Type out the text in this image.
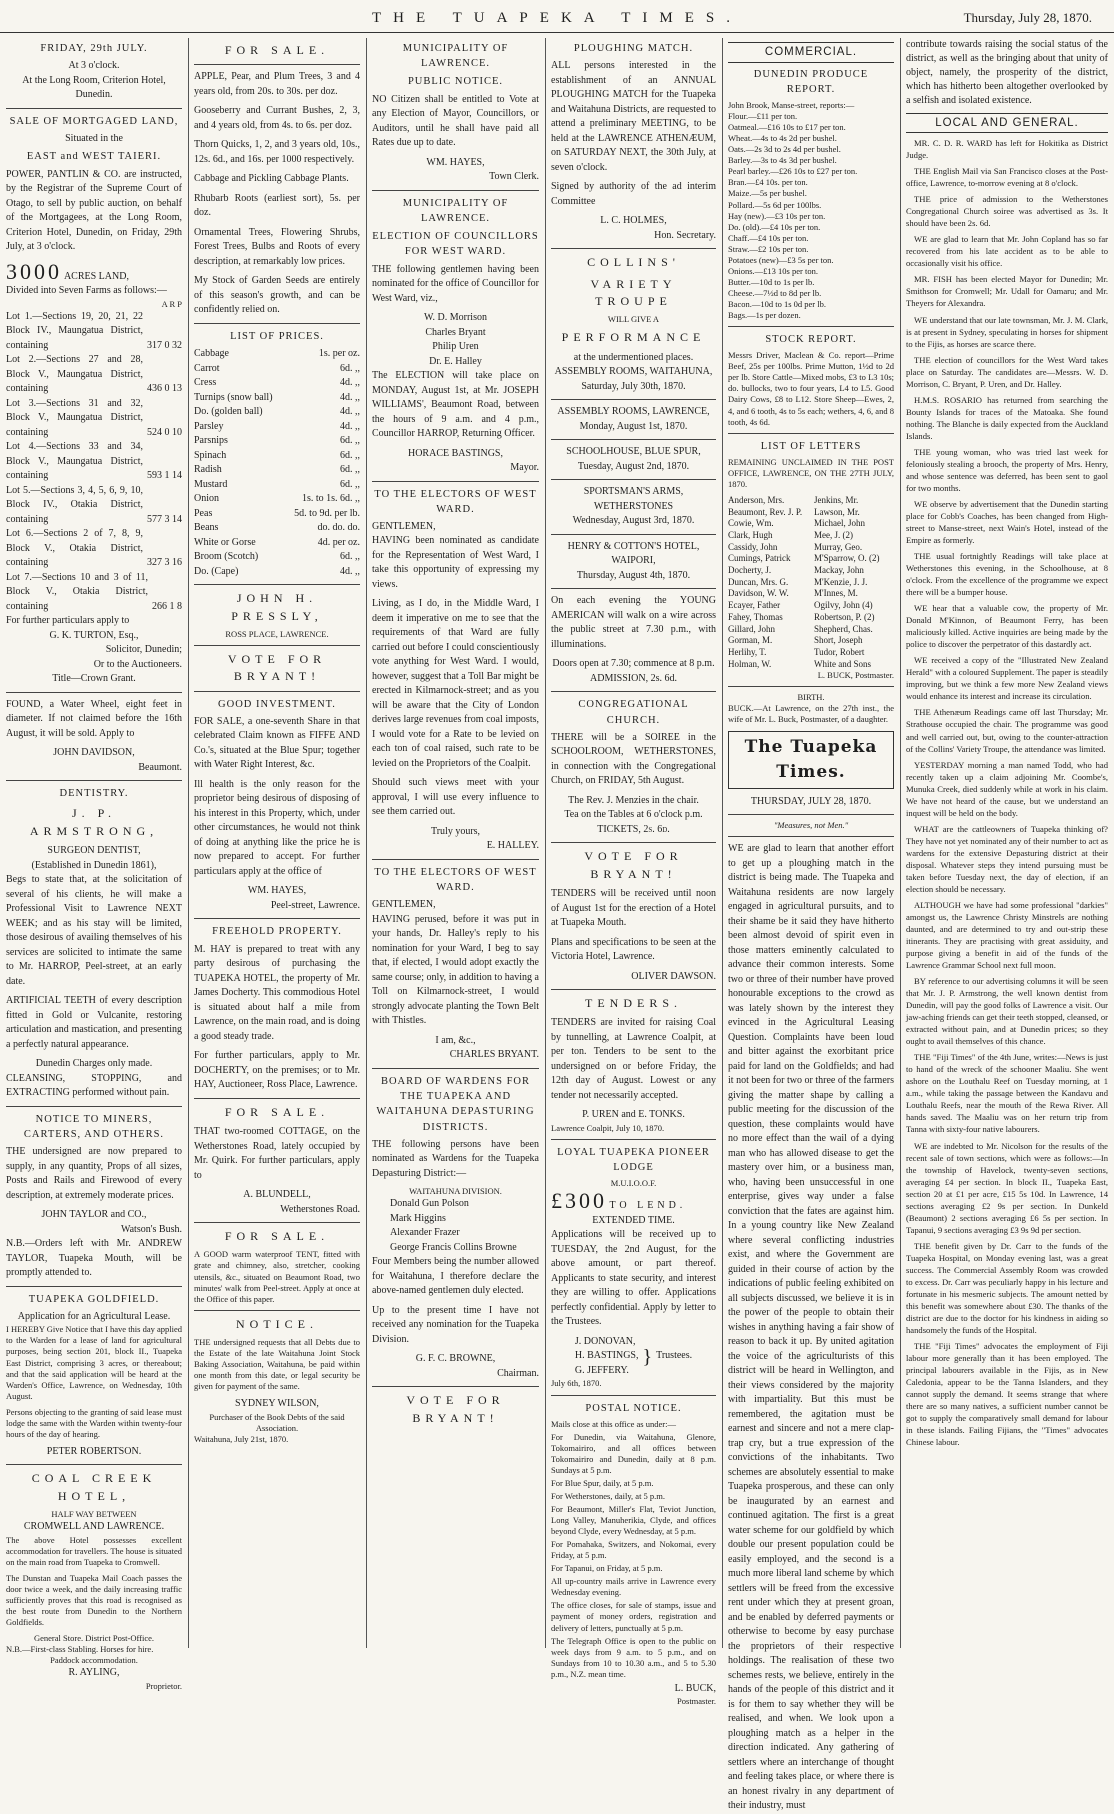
THE TUAPEKA TIMES.	Thursday, July 28, 1870.
FRIDAY, 29th JULY.
At 3 o'clock.
At the Long Room, Criterion Hotel, Dunedin.
SALE OF MORTGAGED LAND,
Situated in the
EAST and WEST TAIERI.

POWER, PANTLIN & CO. are instructed, by the Registrar of the Supreme Court of Otago, to sell by public auction, on behalf of the Mortgagees, at the Long Room, Criterion Hotel, Dunedin, on Friday, 29th July, at 3 o'clock.

3000 ACRES LAND,
Divided into Seven Farms as follows:—
A R P
Lot 1.—Sections 19, 20, 21, 22 Block IV., Maungatua District, containing	317 0 32
Lot 2.—Sections 27 and 28, Block V., Maungatua District, containing	436 0 13
Lot 3.—Sections 31 and 32, Block V., Maungatua District, containing	524 0 10
Lot 4.—Sections 33 and 34, Block V., Maungatua District, containing	593 1 14
Lot 5.—Sections 3, 4, 5, 6, 9, 10, Block IV., Otakia District, containing	577 3 14
Lot 6.—Sections 2 of 7, 8, 9, Block V., Otakia District, containing	327 3 16
Lot 7.—Sections 10 and 3 of 11, Block V., Otakia District, containing	266 1 8
For further particulars apply to
G. K. TURTON, Esq.,
Solicitor, Dunedin;
Or to the Auctioneers.
Title—Crown Grant.

FOUND, a Water Wheel, eight feet in diameter. If not claimed before the 16th August, it will be sold. Apply to

JOHN DAVIDSON,
Beaumont.
DENTISTRY.
J. P. ARMSTRONG,
SURGEON DENTIST,
(Established in Dunedin 1861),

Begs to state that, at the solicitation of several of his clients, he will make a Professional Visit to Lawrence NEXT WEEK; and as his stay will be limited, those desirous of availing themselves of his services are solicited to intimate the same to Mr. HARROP, Peel-street, at an early date.

ARTIFICIAL TEETH of every description fitted in Gold or Vulcanite, restoring articulation and mastication, and presenting a perfectly natural appearance.

Dunedin Charges only made.

CLEANSING, STOPPING, and EXTRACTING performed without pain.

NOTICE TO MINERS, CARTERS, AND OTHERS.

THE undersigned are now prepared to supply, in any quantity, Props of all sizes, Posts and Rails and Firewood of every description, at extremely moderate prices.

JOHN TAYLOR and CO.,
Watson's Bush.

N.B.—Orders left with Mr. ANDREW TAYLOR, Tuapeka Mouth, will be promptly attended to.

TUAPEKA GOLDFIELD.
Application for an Agricultural Lease.

I HEREBY Give Notice that I have this day applied to the Warden for a lease of land for agricultural purposes, being section 201, block II., Tuapeka East District, comprising 3 acres, or thereabout; and that the said application will be heard at the Warden's Office, Lawrence, on Wednesday, 10th August.

Persons objecting to the granting of said lease must lodge the same with the Warden within twenty-four hours of the day of hearing.

PETER ROBERTSON.
COAL CREEK HOTEL,
HALF WAY BETWEEN
CROMWELL AND LAWRENCE.

The above Hotel possesses excellent accommodation for travellers. The house is situated on the main road from Tuapeka to Cromwell.

The Dunstan and Tuapeka Mail Coach passes the door twice a week, and the daily increasing traffic sufficiently proves that this road is recognised as the best route from Dunedin to the Northern Goldfields.

General Store. District Post-Office.
N.B.—First-class Stabling. Horses for hire.
Paddock accommodation.
R. AYLING,
Proprietor.
FOR SALE.

APPLE, Pear, and Plum Trees, 3 and 4 years old, from 20s. to 30s. per doz.

Gooseberry and Currant Bushes, 2, 3, and 4 years old, from 4s. to 6s. per doz.

Thorn Quicks, 1, 2, and 3 years old, 10s., 12s. 6d., and 16s. per 1000 respectively.

Cabbage and Pickling Cabbage Plants.

Rhubarb Roots (earliest sort), 5s. per doz.

Ornamental Trees, Flowering Shrubs, Forest Trees, Bulbs and Roots of every description, at remarkably low prices.

My Stock of Garden Seeds are entirely of this season's growth, and can be confidently relied on.

LIST OF PRICES.
Cabbage	1s. per oz.
Carrot	6d. ,,
Cress	4d. ,,
Turnips (snow ball)	4d. ,,
Do. (golden ball)	4d. ,,
Parsley	4d. ,,
Parsnips	6d. ,,
Spinach	6d. ,,
Radish	6d. ,,
Mustard	6d. ,,
Onion	1s. to 1s. 6d. ,,
Peas	5d. to 9d. per lb.
Beans	do. do. do.
White or Gorse	4d. per oz.
Broom (Scotch)	6d. ,,
Do. (Cape)	4d. ,,
JOHN H. PRESSLY,
ROSS PLACE, LAWRENCE.
VOTE FOR BRYANT!
GOOD INVESTMENT.

FOR SALE, a one-seventh Share in that celebrated Claim known as FIFFE AND Co.'s, situated at the Blue Spur; together with Water Right Interest, &c.

Ill health is the only reason for the proprietor being desirous of disposing of his interest in this Property, which, under other circumstances, he would not think of doing at anything like the price he is now prepared to accept. For further particulars apply at the office of

WM. HAYES,
Peel-street, Lawrence.
FREEHOLD PROPERTY.

M. HAY is prepared to treat with any party desirous of purchasing the TUAPEKA HOTEL, the property of Mr. James Docherty. This commodious Hotel is situated about half a mile from Lawrence, on the main road, and is doing a good steady trade.

For further particulars, apply to Mr. DOCHERTY, on the premises; or to Mr. HAY, Auctioneer, Ross Place, Lawrence.

FOR SALE.

THAT two-roomed COTTAGE, on the Wetherstones Road, lately occupied by Mr. Quirk. For further particulars, apply to

A. BLUNDELL,
Wetherstones Road.
FOR SALE.

A GOOD warm waterproof TENT, fitted with grate and chimney, also, stretcher, cooking utensils, &c., situated on Beaumont Road, two minutes' walk from Peel-street. Apply at once at the Office of this paper.

NOTICE.

THE undersigned requests that all Debts due to the Estate of the late Waitahuna Joint Stock Baking Association, Waitahuna, be paid within one month from this date, or legal security be given for payment of the same.

SYDNEY WILSON,
Purchaser of the Book Debts of the said Association.
Waitahuna, July 21st, 1870.
MUNICIPALITY OF LAWRENCE.
PUBLIC NOTICE.

NO Citizen shall be entitled to Vote at any Election of Mayor, Councillors, or Auditors, until he shall have paid all Rates due up to date.

WM. HAYES,
Town Clerk.
MUNICIPALITY OF LAWRENCE.
ELECTION OF COUNCILLORS FOR WEST WARD.

THE following gentlemen having been nominated for the office of Councillor for West Ward, viz.,

W. D. Morrison
Charles Bryant
Philip Uren
Dr. E. Halley

The ELECTION will take place on MONDAY, August 1st, at Mr. JOSEPH WILLIAMS', Beaumont Road, between the hours of 9 a.m. and 4 p.m., Councillor HARROP, Returning Officer.

HORACE BASTINGS,
Mayor.
TO THE ELECTORS OF WEST WARD.
GENTLEMEN,

HAVING been nominated as candidate for the Representation of West Ward, I take this opportunity of expressing my views.

Living, as I do, in the Middle Ward, I deem it imperative on me to see that the requirements of that Ward are fully carried out before I could conscientiously vote anything for West Ward. I would, however, suggest that a Toll Bar might be erected in Kilmarnock-street; and as you will be aware that the City of London derives large revenues from coal imposts, I would vote for a Rate to be levied on each ton of coal raised, such rate to be levied on the Proprietors of the Coalpit.

Should such views meet with your approval, I will use every influence to see them carried out.

Truly yours,
E. HALLEY.
TO THE ELECTORS OF WEST WARD.
GENTLEMEN,

HAVING perused, before it was put in your hands, Dr. Halley's reply to his nomination for your Ward, I beg to say that, if elected, I would adopt exactly the same course; only, in addition to having a Toll on Kilmarnock-street, I would strongly advocate planting the Town Belt with Thistles.

I am, &c.,
CHARLES BRYANT.
BOARD OF WARDENS FOR THE TUAPEKA AND WAITAHUNA DEPASTURING DISTRICTS.

THE following persons have been nominated as Wardens for the Tuapeka Depasturing District:—

WAITAHUNA DIVISION.
Donald Gun Polson
Mark Higgins
Alexander Frazer
George Francis Collins Browne

Four Members being the number allowed for Waitahuna, I therefore declare the above-named gentlemen duly elected.

Up to the present time I have not received any nomination for the Tuapeka Division.

G. F. C. BROWNE,
Chairman.
VOTE FOR BRYANT!
PLOUGHING MATCH.

ALL persons interested in the establishment of an ANNUAL PLOUGHING MATCH for the Tuapeka and Waitahuna Districts, are requested to attend a preliminary MEETING, to be held at the LAWRENCE ATHENÆUM, on SATURDAY NEXT, the 30th July, at seven o'clock.

Signed by authority of the ad interim Committee

L. C. HOLMES,
Hon. Secretary.
COLLINS'
VARIETY TROUPE
WILL GIVE A
PERFORMANCE
at the undermentioned places.
ASSEMBLY ROOMS, WAITAHUNA,
Saturday, July 30th, 1870.
ASSEMBLY ROOMS, LAWRENCE,
Monday, August 1st, 1870.
SCHOOLHOUSE, BLUE SPUR,
Tuesday, August 2nd, 1870.
SPORTSMAN'S ARMS, WETHERSTONES
Wednesday, August 3rd, 1870.
HENRY & COTTON'S HOTEL, WAIPORI,
Thursday, August 4th, 1870.

On each evening the YOUNG AMERICAN will walk on a wire across the public street at 7.30 p.m., with illuminations.

Doors open at 7.30; commence at 8 p.m.
ADMISSION, 2s. 6d.
CONGREGATIONAL CHURCH.

THERE will be a SOIREE in the SCHOOLROOM, WETHERSTONES, in connection with the Congregational Church, on FRIDAY, 5th August.

The Rev. J. Menzies in the chair.
Tea on the Tables at 6 o'clock p.m.
TICKETS, 2s. 6d.
VOTE FOR BRYANT!

TENDERS will be received until noon of August 1st for the erection of a Hotel at Tuapeka Mouth.

Plans and specifications to be seen at the Victoria Hotel, Lawrence.

OLIVER DAWSON.
TENDERS.

TENDERS are invited for raising Coal by tunnelling, at Lawrence Coalpit, at per ton. Tenders to be sent to the undersigned on or before Friday, the 12th day of August. Lowest or any tender not necessarily accepted.

P. UREN and E. TONKS.
Lawrence Coalpit, July 10, 1870.
LOYAL TUAPEKA PIONEER LODGE
M.U.I.O.O.F.
£300 TO LEND.
EXTENDED TIME.

Applications will be received up to TUESDAY, the 2nd August, for the above amount, or part thereof. Applicants to state security, and interest they are willing to offer. Applications perfectly confidential. Apply by letter to the Trustees.

J. DONOVAN,
H. BASTINGS,
G. JEFFERY.
} Trustees.
July 6th, 1870.
POSTAL NOTICE.

Mails close at this office as under:—

For Dunedin, via Waitahuna, Glenore, Tokomairiro, and all offices between Tokomairiro and Dunedin, daily at 8 p.m. Sundays at 5 p.m.

For Blue Spur, daily, at 5 p.m.

For Wetherstones, daily, at 5 p.m.

For Beaumont, Miller's Flat, Teviot Junction, Long Valley, Manuherikia, Clyde, and offices beyond Clyde, every Wednesday, at 5 p.m.

For Pomahaka, Switzers, and Nokomai, every Friday, at 5 p.m.

For Tapanui, on Friday, at 5 p.m.

All up-country mails arrive in Lawrence every Wednesday evening.

The office closes, for sale of stamps, issue and payment of money orders, registration and delivery of letters, punctually at 5 p.m.

The Telegraph Office is open to the public on week days from 9 a.m. to 5 p.m., and on Sundays from 10 to 10.30 a.m., and 5 to 5.30 p.m., N.Z. mean time.

L. BUCK,
Postmaster.
COMMERCIAL.
DUNEDIN PRODUCE REPORT.
John Brook, Manse-street, reports:—
Flour.—£11 per ton.
Oatmeal.—£16 10s to £17 per ton.
Wheat.—4s to 4s 2d per bushel.
Oats.—2s 3d to 2s 4d per bushel.
Barley.—3s to 4s 3d per bushel.
Pearl barley.—£26 10s to £27 per ton.
Bran.—£4 10s. per ton.
Maize.—5s per bushel.
Pollard.—5s 6d per 100lbs.
Hay (new).—£3 10s per ton.
Do. (old).—£4 10s per ton.
Chaff.—£4 10s per ton.
Straw.—£2 10s per ton.
Potatoes (new)—£3 5s per ton.
Onions.—£13 10s per ton.
Butter.—10d to 1s per lb.
Cheese.—7½d to 8d per lb.
Bacon.—10d to 1s 0d per lb.
Bags.—1s per dozen.
STOCK REPORT.

Messrs Driver, Maclean & Co. report—Prime Beef, 25s per 100lbs. Prime Mutton, 1½d to 2d per lb. Store Cattle—Mixed mobs, £3 to L3 10s; do. bullocks, two to four years, L4 to L5. Good Dairy Cows, £8 to L12. Store Sheep—Ewes, 2, 4, and 6 tooth, 4s to 5s each; wethers, 4, 6, and 8 tooth, 4s 6d.

LIST OF LETTERS

REMAINING UNCLAIMED IN THE POST OFFICE, LAWRENCE, ON THE 27TH JULY, 1870.

Anderson, Mrs.
Beaumont, Rev. J. P.
Cowie, Wm.
Clark, Hugh
Cassidy, John
Cumings, Patrick
Docherty, J.
Duncan, Mrs. G.
Davidson, W. W.
Ecayer, Father
Fahey, Thomas
Gillard, John
Gorman, M.
Herlihy, T.
Holman, W.
Jenkins, Mr.
Lawson, Mr.
Michael, John
Mee, J. (2)
Murray, Geo.
M'Sparrow, O. (2)
Mackay, John
M'Kenzie, J. J.
M'Innes, M.
Ogilvy, John (4)
Robertson, P. (2)
Shepherd, Chas.
Short, Joseph
Tudor, Robert
White and Sons
L. BUCK, Postmaster.
BIRTH.

BUCK.—At Lawrence, on the 27th inst., the wife of Mr. L. Buck, Postmaster, of a daughter.

The Tuapeka Times.
THURSDAY, JULY 28, 1870.
"Measures, not Men."

WE are glad to learn that another effort to get up a ploughing match in the district is being made. The Tuapeka and Waitahuna residents are now largely engaged in agricultural pursuits, and to their shame be it said they have hitherto been almost devoid of spirit even in those matters eminently calculated to advance their common interests. Some two or three of their number have proved honourable exceptions to the crowd as was lately shown by the interest they evinced in the Agricultural Leasing Question. Complaints have been loud and bitter against the exorbitant price paid for land on the Goldfields; and had it not been for two or three of the farmers giving the matter shape by calling a public meeting for the discussion of the question, these complaints would have no more effect than the wail of a dying man who has allowed disease to get the mastery over him, or a business man, who, having been unsuccessful in one enterprise, gives way under a false conviction that the fates are against him. In a young country like New Zealand where several conflicting industries exist, and where the Government are guided in their course of action by the indications of public feeling exhibited on all subjects discussed, we believe it is in the power of the people to obtain their wishes in anything having a fair show of reason to back it up. By united agitation the voice of the agriculturists of this district will be heard in Wellington, and their views considered by the majority with impartiality. But this must be remembered, the agitation must be earnest and sincere and not a mere clap-trap cry, but a true expression of the convictions of the inhabitants. Two schemes are absolutely essential to make Tuapeka prosperous, and these can only be inaugurated by an earnest and continued agitation. The first is a great water scheme for our goldfield by which double our present population could be easily employed, and the second is a much more liberal land scheme by which settlers will be freed from the excessive rent under which they at present groan, and be enabled by deferred payments or otherwise to become by easy purchase the proprietors of their respective holdings. The realisation of these two schemes rests, we believe, entirely in the hands of the people of this district and it is for them to say whether they will be realised, and when. We look upon a ploughing match as a helper in the direction indicated. Any gathering of settlers where an interchange of thought and feeling takes place, or where there is an honest rivalry in any department of their industry, must

contribute towards raising the social status of the district, as well as the bringing about that unity of object, namely, the prosperity of the district, which has hitherto been altogether overlooked by a selfish and isolated existence.

LOCAL AND GENERAL.

MR. C. D. R. WARD has left for Hokitika as District Judge.

THE English Mail via San Francisco closes at the Post-office, Lawrence, to-morrow evening at 8 o'clock.

THE price of admission to the Wetherstones Congregational Church soiree was advertised as 3s. It should have been 2s. 6d.

WE are glad to learn that Mr. John Copland has so far recovered from his late accident as to be able to occasionally visit his office.

MR. FISH has been elected Mayor for Dunedin; Mr. Smithson for Cromwell; Mr. Udall for Oamaru; and Mr. Theyers for Alexandra.

WE understand that our late townsman, Mr. J. M. Clark, is at present in Sydney, speculating in horses for shipment to the Fijis, as horses are scarce there.

THE election of councillors for the West Ward takes place on Saturday. The candidates are—Messrs. W. D. Morrison, C. Bryant, P. Uren, and Dr. Halley.

H.M.S. ROSARIO has returned from searching the Bounty Islands for traces of the Matoaka. She found nothing. The Blanche is daily expected from the Auckland Islands.

THE young woman, who was tried last week for feloniously stealing a brooch, the property of Mrs. Henry, and whose sentence was deferred, has been sent to gaol for two months.

WE observe by advertisement that the Dunedin starting place for Cobb's Coaches, has been changed from High-street to Manse-street, next Wain's Hotel, instead of the Empire as formerly.

THE usual fortnightly Readings will take place at Wetherstones this evening, in the Schoolhouse, at 8 o'clock. From the excellence of the programme we expect there will be a bumper house.

WE hear that a valuable cow, the property of Mr. Donald M'Kinnon, of Beaumont Ferry, has been maliciously killed. Active inquiries are being made by the police to discover the perpetrator of this dastardly act.

WE received a copy of the "Illustrated New Zealand Herald" with a coloured Supplement. The paper is steadily improving, but we think a few more New Zealand views would enhance its interest and increase its circulation.

THE Athenæum Readings came off last Thursday; Mr. Strathouse occupied the chair. The programme was good and well carried out, but, owing to the counter-attraction of the Collins' Variety Troupe, the attendance was limited.

YESTERDAY morning a man named Todd, who had recently taken up a claim adjoining Mr. Coombe's, Munuka Creek, died suddenly while at work in his claim. We have not heard of the cause, but we understand an inquest will be held on the body.

WHAT are the cattleowners of Tuapeka thinking of? They have not yet nominated any of their number to act as wardens for the extensive Depasturing district at their disposal. Whatever steps they intend pursuing must be taken before Tuesday next, the day of election, if an election should be necessary.

ALTHOUGH we have had some professional "darkies" amongst us, the Lawrence Christy Minstrels are nothing daunted, and are determined to try and out-strip these itinerants. They are practising with great assiduity, and purpose giving a benefit in aid of the funds of the Lawrence Grammar School next full moon.

BY reference to our advertising columns it will be seen that Mr. J. P. Armstrong, the well known dentist from Dunedin, will pay the good folks of Lawrence a visit. Our jaw-aching friends can get their teeth stopped, cleansed, or extracted without pain, and at Dunedin prices; so they ought to avail themselves of this chance.

THE "Fiji Times" of the 4th June, writes:—News is just to hand of the wreck of the schooner Maaliu. She went ashore on the Louthalu Reef on Tuesday morning, at 1 a.m., while taking the passage between the Kandavu and Louthalu Reefs, near the mouth of the Rewa River. All hands saved. The Maaliu was on her return trip from Tanna with sixty-four native labourers.

WE are indebted to Mr. Nicolson for the results of the recent sale of town sections, which were as follows:—In the township of Havelock, twenty-seven sections, averaging £4 per section. In block II., Tuapeka East, section 20 at £1 per acre, £15 5s 10d. In Lawrence, 14 sections averaging £2 9s per section. In Dunkeld (Beaumont) 2 sections averaging £6 5s per section. In Tapanui, 9 sections averaging £3 9s 9d per section.

THE benefit given by Dr. Carr to the funds of the Tuapeka Hospital, on Monday evening last, was a great success. The Commercial Assembly Room was crowded to excess. Dr. Carr was peculiarly happy in his lecture and fortunate in his mesmeric subjects. The amount netted by this benefit was somewhere about £30. The thanks of the district are due to the doctor for his kindness in aiding so handsomely the funds of the Hospital.

THE "Fiji Times" advocates the employment of Fiji labour more generally than it has been employed. The principal labourers available in the Fijis, as in New Caledonia, appear to be the Tanna Islanders, and they cannot supply the demand. It seems strange that where there are so many natives, a sufficient number cannot be got to supply the comparatively small demand for labour in these islands. Failing Fijians, the "Times" advocates Chinese labour.
